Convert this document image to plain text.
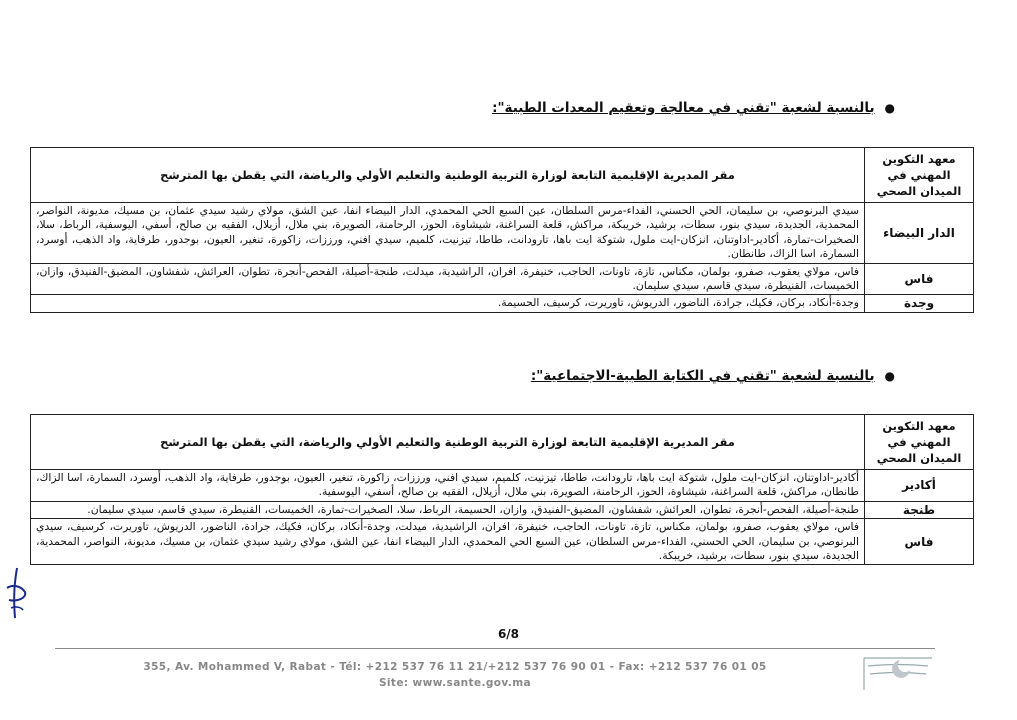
●بالنسبة لشعبة "تقني في معالجة وتعقيم المعدات الطبية":
معهد التكوين المهني في الميدان الصحي	مقر المديرية الإقليمية التابعة لوزارة التربية الوطنية والتعليم الأولي والرياضة، التي يقطن بها المترشح
الدار البيضاء	سيدي البرنوصي، بن سليمان، الحي الحسني، الفداء-مرس السلطان، عين السبع الحي المحمدي، الدار البيضاء انفا، عين الشق، مولاي رشيد سيدي عثمان، بن مسيك، مديونة، النواصر، المحمدية، الجديدة، سيدي بنور، سطات، برشيد، خريبكة، مراكش، قلعة السراغنة، شيشاوة، الحوز، الرحامنة، الصويرة، بني ملال، أزيلال، الفقيه بن صالح، أسفي، اليوسفية، الرباط، سلا، الصخيرات-تمارة، أكادير-اداوتنان، انزكان-ايت ملول، شتوكة ايت باها، تارودانت، طاطا، تيزنيت، كلميم، سيدي افني، ورززات، زاكورة، تنغير، العيون، بوجدور، طرفاية، واد الذهب، أوسرد، السمارة، اسا الزاك، طانطان.
فاس	فاس، مولاي يعقوب، صفرو، بولمان، مكناس، تازة، تاونات، الحاجب، خنيفرة، افران، الراشيدية، ميدلت، طنجة-أصيلة، الفحص-أنجرة، تطوان، العرائش، شفشاون، المضيق-الفنيدق، وازان، الخميسات، القنيطرة، سيدي قاسم، سيدي سليمان.
وجدة	وجدة-أنكاد، بركان، فكيك، جرادة، الناضور، الدريوش، تاوريرت، كرسيف، الحسيمة.
●بالنسبة لشعبة "تقني في الكتابة الطبية-الاجتماعية":
معهد التكوين المهني في الميدان الصحي	مقر المديرية الإقليمية التابعة لوزارة التربية الوطنية والتعليم الأولي والرياضة، التي يقطن بها المترشح
أكادير	أكادير-اداوتنان، انزكان-ايت ملول، شتوكة ايت باها، تارودانت، طاطا، تيزنيت، كلميم، سيدي افني، ورززات، زاكورة، تنغير، العيون، بوجدور، طرفاية، واد الذهب، أوسرد، السمارة، اسا الزاك، طانطان، مراكش، قلعة السراغنة، شيشاوة، الحوز، الرحامنة، الصويرة، بني ملال، أزيلال، الفقيه بن صالح، أسفي، اليوسفية.
طنجة	طنجة-أصيلة، الفحص-أنجرة، تطوان، العرائش، شفشاون، المضيق-الفنيدق، وازان، الحسيمة، الرباط، سلا، الصخيرات-تمارة، الخميسات، القنيطرة، سيدي قاسم، سيدي سليمان.
فاس	فاس، مولاي يعقوب، صفرو، بولمان، مكناس، تازة، تاونات، الحاجب، خنيفرة، افران، الراشيدية، ميدلت، وجدة-أنكاد، بركان، فكيك، جرادة، الناضور، الدريوش، تاوريرت، كرسيف، سيدي البرنوصي، بن سليمان، الحي الحسني، الفداء-مرس السلطان، عين السبع الحي المحمدي، الدار البيضاء انفا، عين الشق، مولاي رشيد سيدي عثمان، بن مسيك، مديونة، النواصر، المحمدية، الجديدة، سيدي بنور، سطات، برشيد، خريبكة.
6/8
355, Av. Mohammed V, Rabat - Tél: +212 537 76 11 21/+212 537 76 90 01 - Fax: +212 537 76 01 05
Site: www.sante.gov.ma
